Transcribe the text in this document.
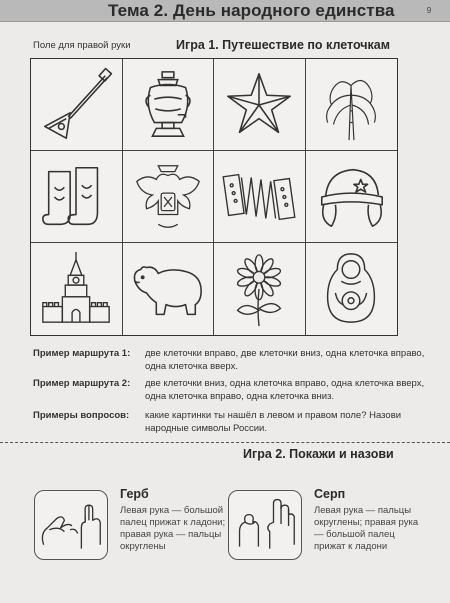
Тема 2. День народного единства	9
Поле для правой руки	Игра 1. Путешествие по клеточкам
Пример маршрута 1: две клеточки вправо, две клеточки вниз, одна клеточка вправо, одна клеточка вверх.
Пример маршрута 2: две клеточки вниз, одна клеточка вправо, одна клеточка вверх, одна клеточка вправо, одна клеточка вниз.
Примеры вопросов: какие картинки ты нашёл в левом и правом поле? Назови народные символы России.
Игра 2. Покажи и назови
Герб
Левая рука — большой палец прижат к ладони; правая рука — пальцы округлены
Серп
Левая рука — пальцы округлены; правая рука — большой палец прижат к ладони
